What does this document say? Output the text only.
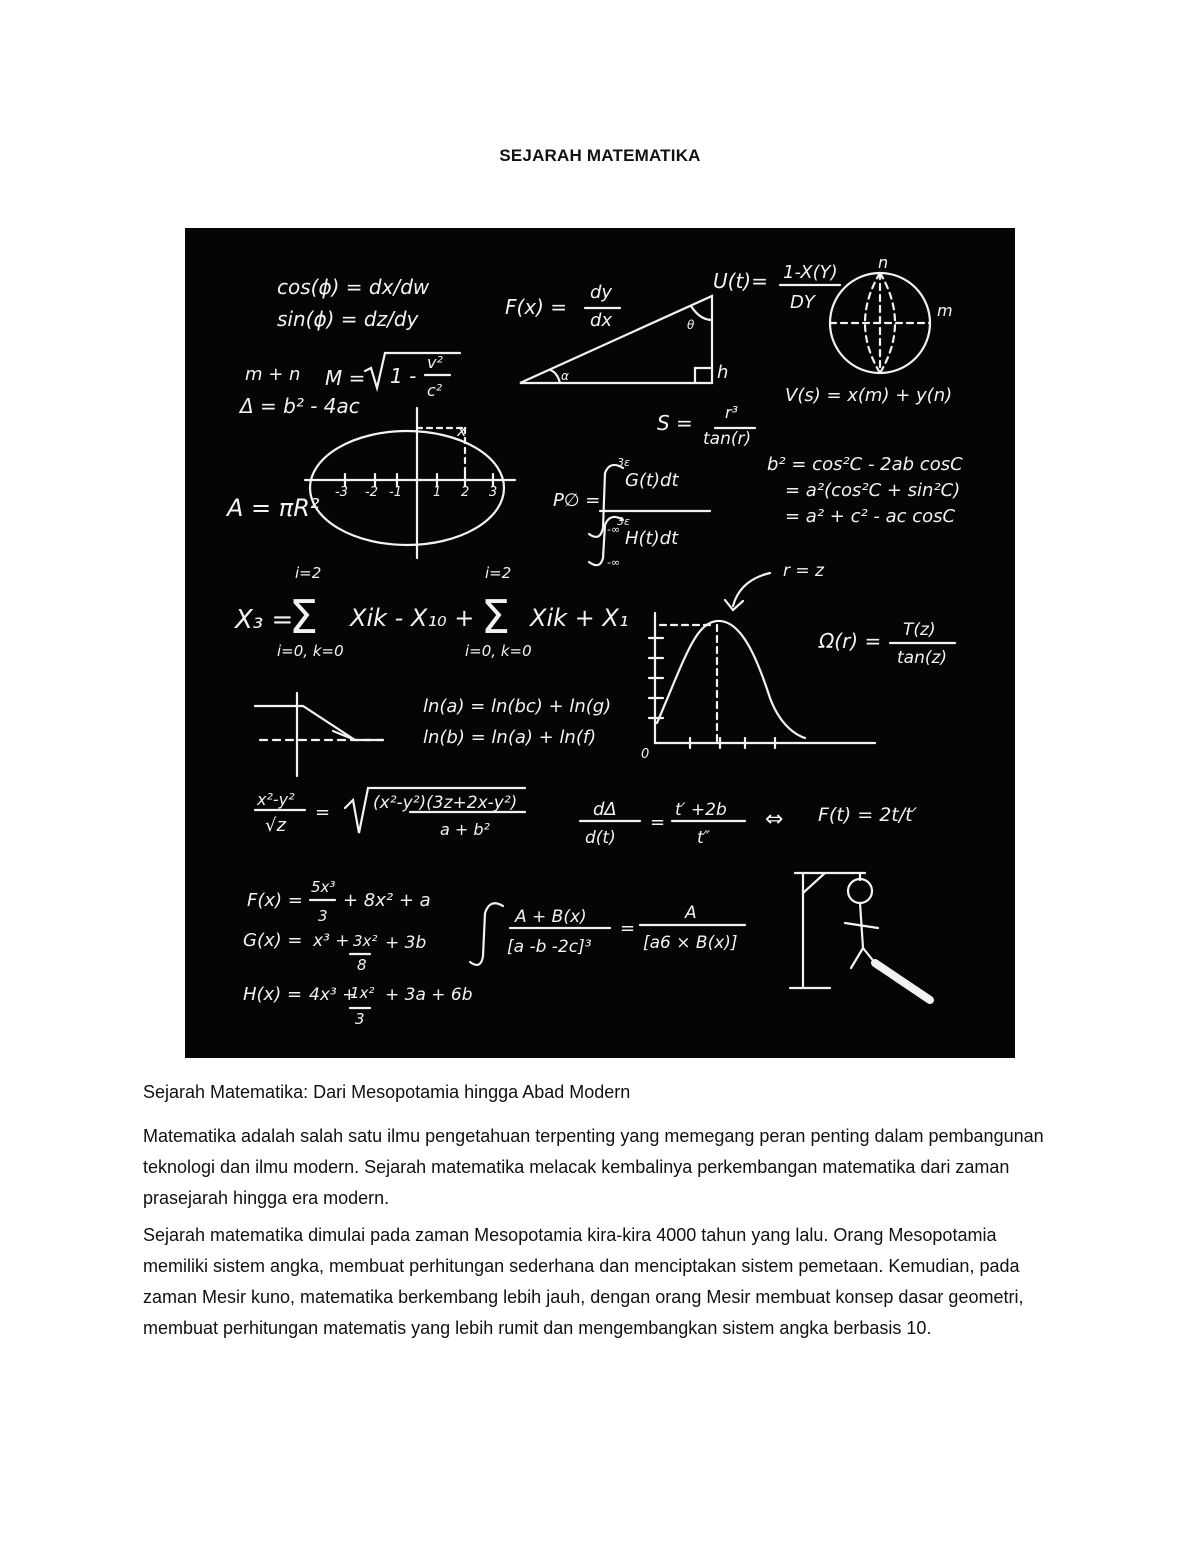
SEJARAH MATEMATIKA
cos(ϕ) = dx/dw
sin(ϕ) = dz/dy	F(x) =
dy
dx
U(t)= 1-X(Y)
DY
n
m
m + n M = 1 -
v²
c²
Δ = b² - 4ac
α
θ
h
V(s) = x(m) + y(n)
S = r³
tan(r)
A = πR²
-3 -2 -1 1 2 3
x
P∅ =
3ε
-∞
G(t)dt
3ε
-∞
H(t)dt
b² = cos²C - 2ab cosC
= a²(cos²C + sin²C)
= a² + c² - ac cosC
r = z
X₃ =
i=2
Σ
i=0, k=0
Xik - X₁₀ +
i=2
Σ
i=0, k=0
Xik + X₁
Ω(r) = T(z)
tan(z)
0
ln(a) = ln(bc) + ln(g)
ln(b) = ln(a) + ln(f)
x²-y²
√z
=	(x²-y²)(3z+2x-y²)
a + b²
dΔ
d(t)
=
t′ +2b
t″
⇔ F(t) = 2t/t′
F(x) =
5x³
3
+ 8x² + a
G(x) = x³ + 3x²
8
+ 3b
H(x) = 4x³ +
1x²
3
+ 3a + 6b
A + B(x)
[a -b -2c]³
=
A
[a6 × B(x)]
Sejarah Matematika: Dari Mesopotamia hingga Abad Modern

Matematika adalah salah satu ilmu pengetahuan terpenting yang memegang peran penting dalam pembangunan teknologi dan ilmu modern. Sejarah matematika melacak kembalinya perkembangan matematika dari zaman prasejarah hingga era modern.

Sejarah matematika dimulai pada zaman Mesopotamia kira-kira 4000 tahun yang lalu. Orang Mesopotamia memiliki sistem angka, membuat perhitungan sederhana dan menciptakan sistem pemetaan. Kemudian, pada zaman Mesir kuno, matematika berkembang lebih jauh, dengan orang Mesir membuat konsep dasar geometri, membuat perhitungan matematis yang lebih rumit dan mengembangkan sistem angka berbasis 10.
